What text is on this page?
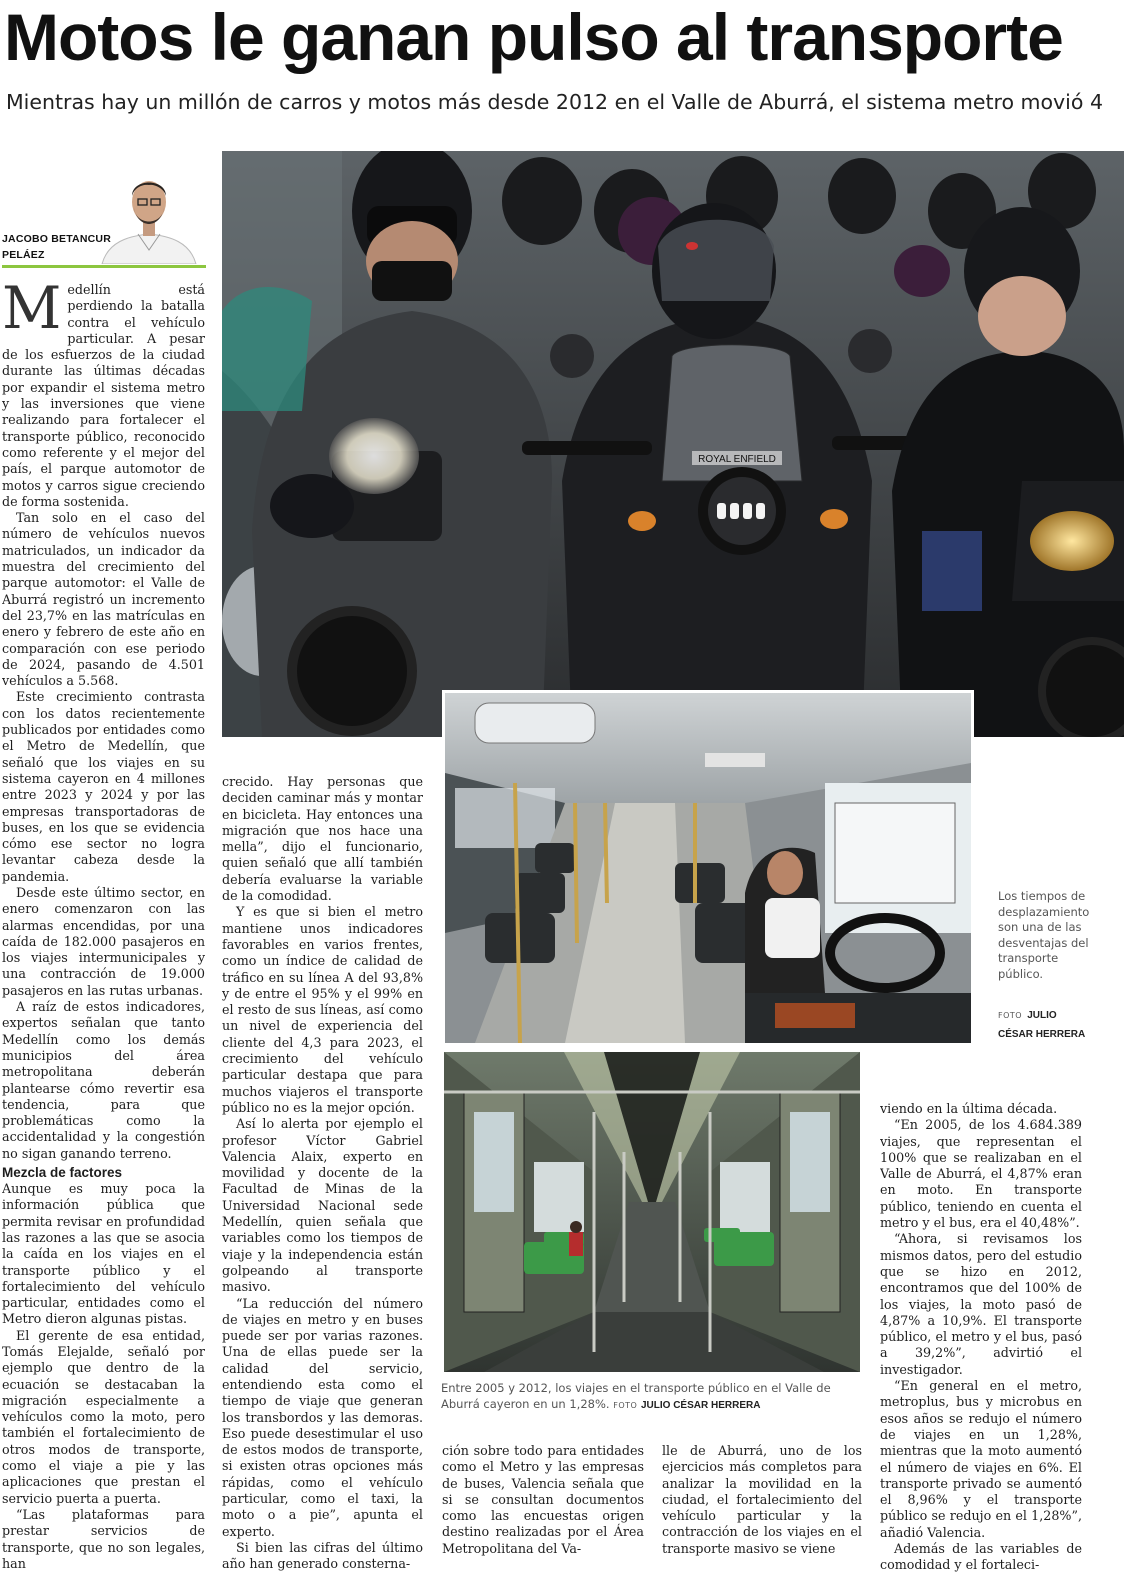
Motos le ganan pulso al transporte
Mientras hay un millón de carros y motos más desde 2012 en el Valle de Aburrá, el sistema metro movió 4
JACOBO BETANCUR
PELÁEZ
ROYAL ENFIELD
Los tiempos de desplazamiento son una de las desventajas del transporte público.
FOTO JULIO CÉSAR HERRERA
Entre 2005 y 2012, los viajes en el transporte público en el Valle de Aburrá cayeron en un 1,28%. FOTO JULIO CÉSAR HERRERA

Medellín está perdiendo la batalla contra el vehículo particular. A pesar de los esfuerzos de la ciudad durante las últimas décadas por expandir el sistema metro y las inversiones que viene realizando para fortalecer el transporte público, reconocido como referente y el mejor del país, el parque automotor de motos y carros sigue creciendo de forma sostenida.

Tan solo en el caso del número de vehículos nuevos matriculados, un indicador da muestra del crecimiento del parque automotor: el Valle de Aburrá registró un incremento del 23,7% en las matrículas en enero y febrero de este año en comparación con ese periodo de 2024, pasando de 4.501 vehículos a 5.568.

Este crecimiento contrasta con los datos recientemente publicados por entidades como el Metro de Medellín, que señaló que los viajes en su sistema cayeron en 4 millones entre 2023 y 2024 y por las empresas transportadoras de buses, en los que se evidencia cómo ese sector no logra levantar cabeza desde la pandemia.

Desde este último sector, en enero comenzaron con las alarmas encendidas, por una caída de 182.000 pasajeros en los viajes intermunicipales y una contracción de 19.000 pasajeros en las rutas urbanas.

A raíz de estos indicadores, expertos señalan que tanto Medellín como los demás municipios del área metropolitana deberán plantearse cómo revertir esa tendencia, para que problemáticas como la accidentalidad y la congestión no sigan ganando terreno.

Mezcla de factores

Aunque es muy poca la información pública que permita revisar en profundidad las razones a las que se asocia la caída en los viajes en el transporte público y el fortalecimiento del vehículo particular, entidades como el Metro dieron algunas pistas.

El gerente de esa entidad, Tomás Elejalde, señaló por ejemplo que dentro de la ecuación se destacaban la migración especialmente a vehículos como la moto, pero también el fortalecimiento de otros modos de transporte, como el viaje a pie y las aplicaciones que prestan el servicio puerta a puerta.

“Las plataformas para prestar servicios de transporte, que no son legales, han

crecido. Hay personas que deciden caminar más y montar en bicicleta. Hay entonces una migración que nos hace una mella”, dijo el funcionario, quien señaló que allí también debería evaluarse la variable de la comodidad.

Y es que si bien el metro mantiene unos indicadores favorables en varios frentes, como un índice de calidad de tráfico en su línea A del 93,8% y de entre el 95% y el 99% en el resto de sus líneas, así como un nivel de experiencia del cliente del 4,3 para 2023, el crecimiento del vehículo particular destapa que para muchos viajeros el transporte público no es la mejor opción.

Así lo alerta por ejemplo el profesor Víctor Gabriel Valencia Alaix, experto en movilidad y docente de la Facultad de Minas de la Universidad Nacional sede Medellín, quien señala que variables como los tiempos de viaje y la independencia están golpeando al transporte masivo.

“La reducción del número de viajes en metro y en buses puede ser por varias razones. Una de ellas puede ser la calidad del servicio, entendiendo esta como el tiempo de viaje que generan los transbordos y las demoras. Eso puede desestimular el uso de estos modos de transporte, si existen otras opciones más rápidas, como el vehículo particular, como el taxi, la moto o a pie”, apunta el experto.

Si bien las cifras del último año han generado consterna-

ción sobre todo para entidades como el Metro y las empresas de buses, Valencia señala que si se consultan documentos como las encuestas origen destino realizadas por el Área Metropolitana del Va-

lle de Aburrá, uno de los ejercicios más completos para analizar la movilidad en la ciudad, el fortalecimiento del vehículo particular y la contracción de los viajes en el transporte masivo se viene

viendo en la última década.

“En 2005, de los 4.684.389 viajes, que representan el 100% que se realizaban en el Valle de Aburrá, el 4,87% eran en moto. En transporte público, teniendo en cuenta el metro y el bus, era el 40,48%”.

“Ahora, si revisamos los mismos datos, pero del estudio que se hizo en 2012, encontramos que del 100% de los viajes, la moto pasó de 4,87% a 10,9%. El transporte público, el metro y el bus, pasó a 39,2%”, advirtió el investigador.

“En general en el metro, metroplus, bus y microbus en esos años se redujo el número de viajes en un 1,28%, mientras que la moto aumentó el número de viajes en 6%. El transporte privado se aumentó el 8,96% y el transporte público se redujo en el 1,28%”, añadió Valencia.

Además de las variables de comodidad y el fortaleci-
